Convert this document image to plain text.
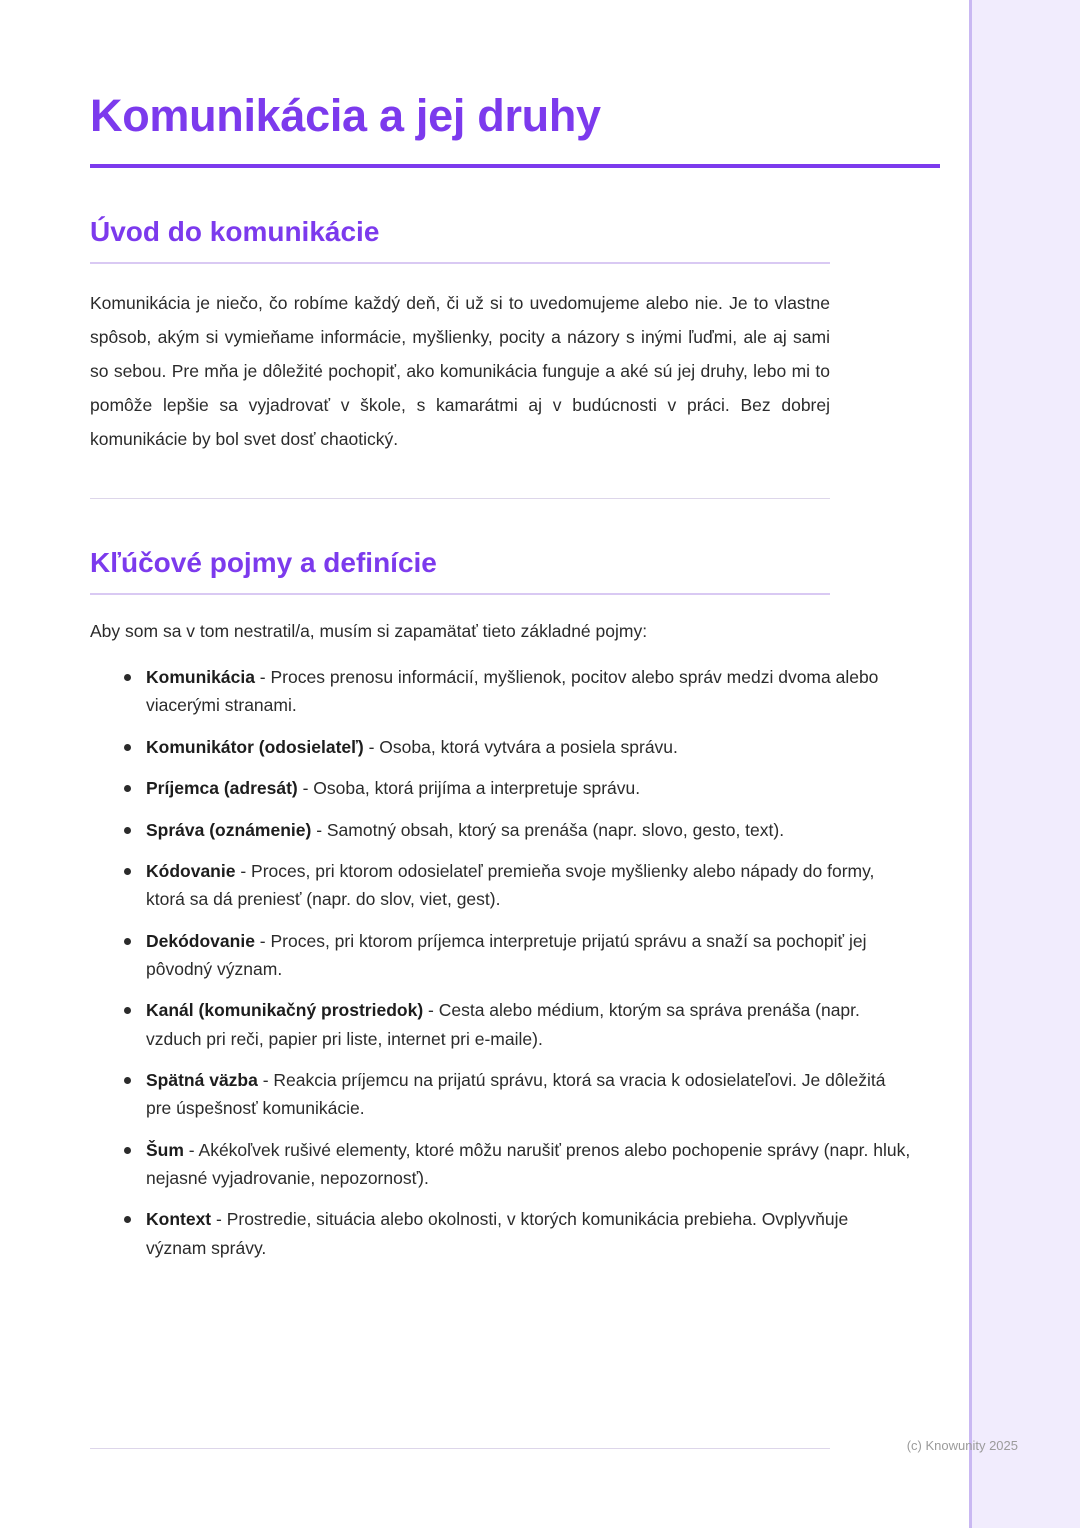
Komunikácia a jej druhy
Úvod do komunikácie

Komunikácia je niečo, čo robíme každý deň, či už si to uvedomujeme alebo nie. Je to vlastne spôsob, akým si vymieňame informácie, myšlienky, pocity a názory s inými ľuďmi, ale aj sami so sebou. Pre mňa je dôležité pochopiť, ako komunikácia funguje a aké sú jej druhy, lebo mi to pomôže lepšie sa vyjadrovať v škole, s kamarátmi aj v budúcnosti v práci. Bez dobrej komunikácie by bol svet dosť chaotický.

Kľúčové pojmy a definície

Aby som sa v tom nestratil/a, musím si zapamätať tieto základné pojmy:

Komunikácia - Proces prenosu informácií, myšlienok, pocitov alebo správ medzi dvoma alebo viacerými stranami.
Komunikátor (odosielateľ) - Osoba, ktorá vytvára a posiela správu.
Príjemca (adresát) - Osoba, ktorá prijíma a interpretuje správu.
Správa (oznámenie) - Samotný obsah, ktorý sa prenáša (napr. slovo, gesto, text).
Kódovanie - Proces, pri ktorom odosielateľ premieňa svoje myšlienky alebo nápady do formy, ktorá sa dá preniesť (napr. do slov, viet, gest).
Dekódovanie - Proces, pri ktorom príjemca interpretuje prijatú správu a snaží sa pochopiť jej pôvodný význam.
Kanál (komunikačný prostriedok) - Cesta alebo médium, ktorým sa správa prenáša (napr. vzduch pri reči, papier pri liste, internet pri e-maile).
Spätná väzba - Reakcia príjemcu na prijatú správu, ktorá sa vracia k odosielateľovi. Je dôležitá pre úspešnosť komunikácie.
Šum - Akékoľvek rušivé elementy, ktoré môžu narušiť prenos alebo pochopenie správy (napr. hluk, nejasné vyjadrovanie, nepozornosť).
Kontext - Prostredie, situácia alebo okolnosti, v ktorých komunikácia prebieha. Ovplyvňuje význam správy.
(c) Knowunity 2025
